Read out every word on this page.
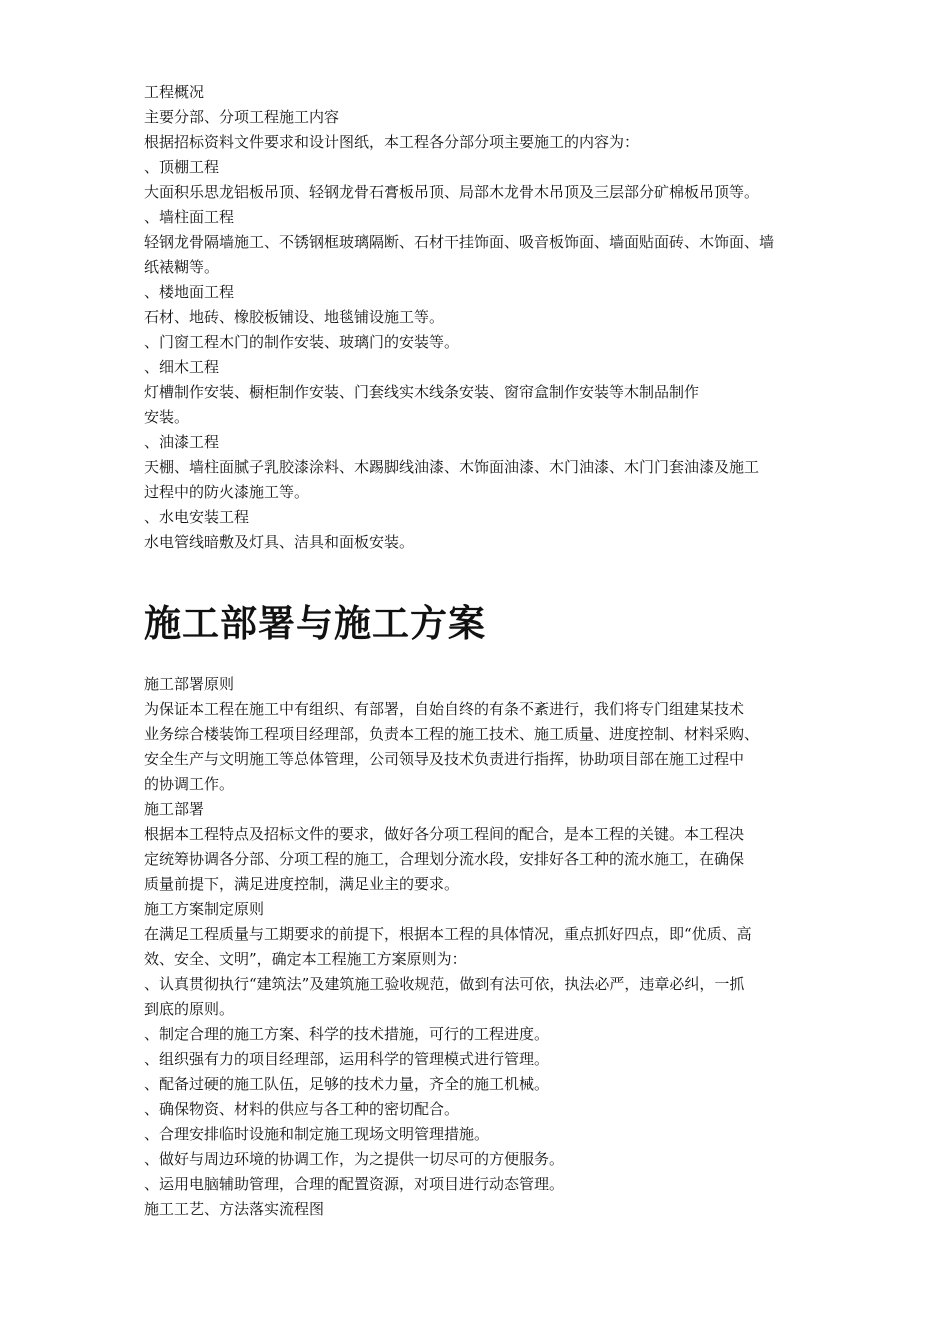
工程概况
主要分部、分项工程施工内容
根据招标资料文件要求和设计图纸，本工程各分部分项主要施工的内容为：
、顶棚工程
大面积乐思龙铝板吊顶、轻钢龙骨石膏板吊顶、局部木龙骨木吊顶及三层部分矿棉板吊顶等。
、墙柱面工程
轻钢龙骨隔墙施工、不锈钢框玻璃隔断、石材干挂饰面、吸音板饰面、墙面贴面砖、木饰面、墙
纸裱糊等。
、楼地面工程
石材、地砖、橡胶板铺设、地毯铺设施工等。
、门窗工程木门的制作安装、玻璃门的安装等。
、细木工程
灯槽制作安装、橱柜制作安装、门套线实木线条安装、窗帘盒制作安装等木制品制作
安装。
、油漆工程
天棚、墙柱面腻子乳胶漆涂料、木踢脚线油漆、木饰面油漆、木门油漆、木门门套油漆及施工
过程中的防火漆施工等。
、水电安装工程
水电管线暗敷及灯具、洁具和面板安装。
施工部署与施工方案
施工部署原则
为保证本工程在施工中有组织、有部署，自始自终的有条不紊进行，我们将专门组建某技术
业务综合楼装饰工程项目经理部，负责本工程的施工技术、施工质量、进度控制、材料采购、
安全生产与文明施工等总体管理，公司领导及技术负责进行指挥，协助项目部在施工过程中
的协调工作。
施工部署
根据本工程特点及招标文件的要求，做好各分项工程间的配合，是本工程的关键。本工程决
定统筹协调各分部、分项工程的施工，合理划分流水段，安排好各工种的流水施工，在确保
质量前提下，满足进度控制，满足业主的要求。
施工方案制定原则
在满足工程质量与工期要求的前提下，根据本工程的具体情况，重点抓好四点，即“优质、高
效、安全、文明”，确定本工程施工方案原则为：
、认真贯彻执行“建筑法”及建筑施工验收规范，做到有法可依，执法必严，违章必纠，一抓
到底的原则。
、制定合理的施工方案、科学的技术措施，可行的工程进度。
、组织强有力的项目经理部，运用科学的管理模式进行管理。
、配备过硬的施工队伍，足够的技术力量，齐全的施工机械。
、确保物资、材料的供应与各工种的密切配合。
、合理安排临时设施和制定施工现场文明管理措施。
、做好与周边环境的协调工作，为之提供一切尽可的方便服务。
、运用电脑辅助管理，合理的配置资源，对项目进行动态管理。
施工工艺、方法落实流程图
